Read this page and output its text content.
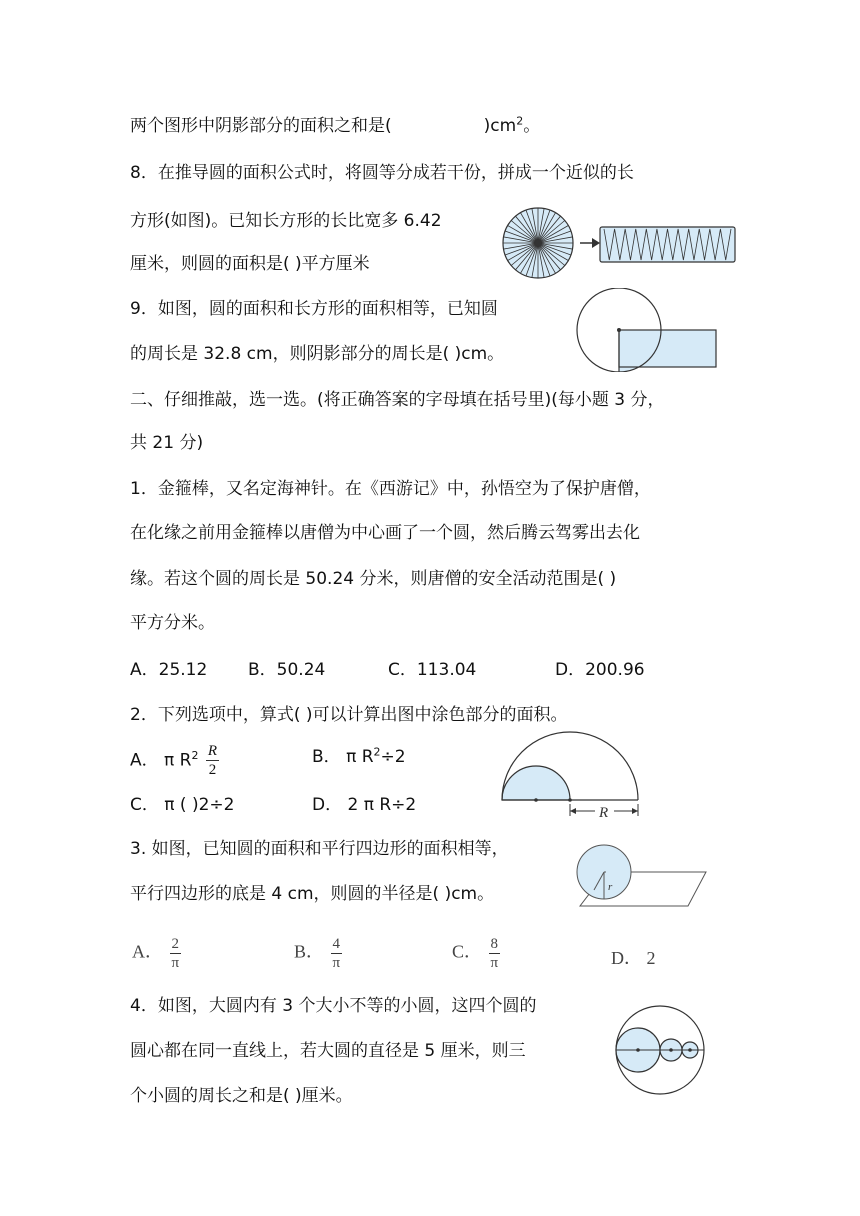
两个图形中阴影部分的面积之和是(	)$cm^2$。
8．在推导圆的面积公式时，将圆等分成若干份，拼成一个近似的长
方形(如图)。已知长方形的长比宽多 6.42
厘米，则圆的面积是( )平方厘米
9．如图，圆的面积和长方形的面积相等，已知圆
的周长是 32.8 cm，则阴影部分的周长是( )cm。
二、仔细推敲，选一选。(将正确答案的字母填在括号里)(每小题 3 分，
共 21 分)
1．金箍棒，又名定海神针。在《西游记》中，孙悟空为了保护唐僧，
在化缘之前用金箍棒以唐僧为中心画了一个圆，然后腾云驾雾出去化
缘。若这个圆的周长是 50.24 分米，则唐僧的安全活动范围是( )
平方分米。
A．25.12 B．50.24	C．113.04	D．200.96
2．下列选项中，算式( )可以计算出图中涂色部分的面积。
A． π $R^2 \frac{R}{2}$	B． π $R^2\div 2$
C． π ( )2÷2	D． 2 π R÷2	R
3. 如图，已知圆的面积和平行四边形的面积相等，
平行四边形的底是 4 cm，则圆的半径是( )cm。	r
A． $\frac{2}{\pi}$	B． $\frac{4}{\pi}$	C． $\frac{8}{\pi}$	D． 2
4．如图，大圆内有 3 个大小不等的小圆，这四个圆的
圆心都在同一直线上，若大圆的直径是 5 厘米，则三
个小圆的周长之和是( )厘米。
